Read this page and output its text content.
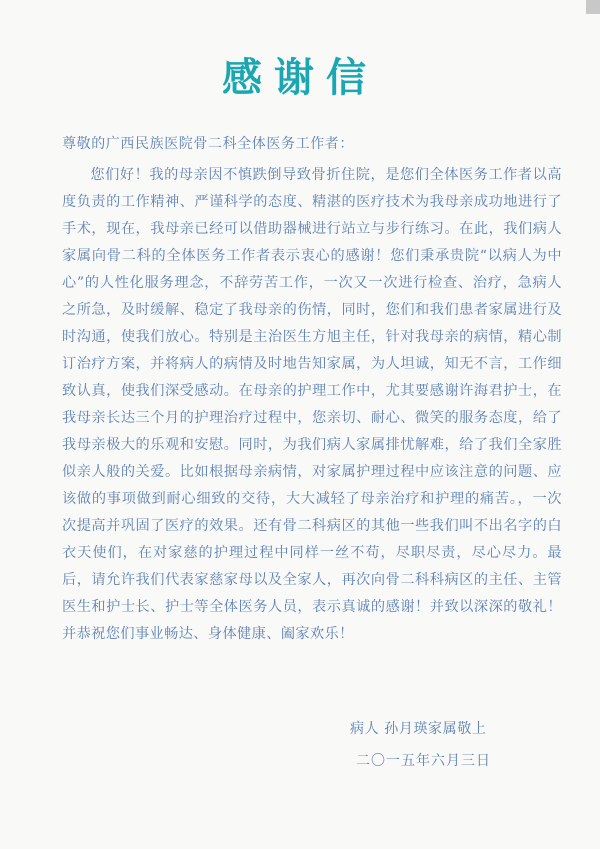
感谢信
尊敬的广西民族医院骨二科全体医务工作者：

您们好！我的母亲因不慎跌倒导致骨折住院，是您们全体医务工作者以高度负责的工作精神、严谨科学的态度、精湛的医疗技术为我母亲成功地进行了手术，现在，我母亲已经可以借助器械进行站立与步行练习。在此，我们病人家属向骨二科的全体医务工作者表示衷心的感谢！您们秉承贵院“以病人为中心”的人性化服务理念，不辞劳苦工作，一次又一次进行检查、治疗，急病人之所急，及时缓解、稳定了我母亲的伤情，同时，您们和我们患者家属进行及时沟通，使我们放心。特别是主治医生方旭主任，针对我母亲的病情，精心制订治疗方案，并将病人的病情及时地告知家属，为人坦诚，知无不言，工作细致认真，使我们深受感动。在母亲的护理工作中，尤其要感谢许海君护士，在我母亲长达三个月的护理治疗过程中，您亲切、耐心、微笑的服务态度，给了我母亲极大的乐观和安慰。同时，为我们病人家属排忧解难，给了我们全家胜似亲人般的关爱。比如根据母亲病情，对家属护理过程中应该注意的问题、应该做的事项做到耐心细致的交待，大大减轻了母亲治疗和护理的痛苦。，一次次提高并巩固了医疗的效果。还有骨二科病区的其他一些我们叫不出名字的白衣天使们，在对家慈的护理过程中同样一丝不苟，尽职尽责，尽心尽力。最后，请允许我们代表家慈家母以及全家人，再次向骨二科科病区的主任、主管医生和护士长、护士等全体医务人员，表示真诚的感谢！并致以深深的敬礼！并恭祝您们事业畅达、身体健康、阖家欢乐！

病人 孙月瑛家属敬上
二〇一五年六月三日
